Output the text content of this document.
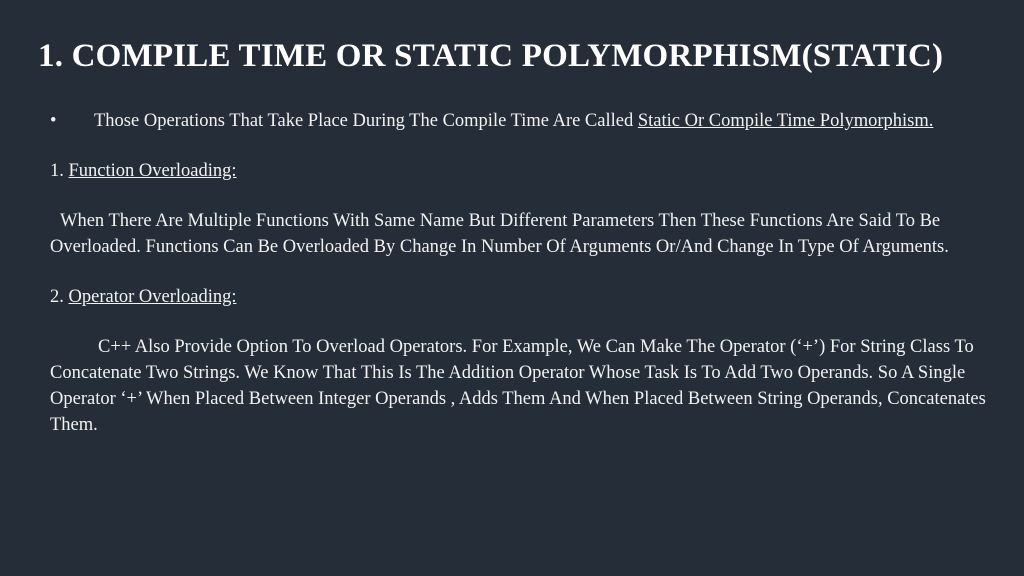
1. COMPILE TIME OR STATIC POLYMORPHISM(STATIC)
•	Those Operations That Take Place During The Compile Time Are Called Static Or Compile Time Polymorphism.
1. Function Overloading:
When There Are Multiple Functions With Same Name But Different Parameters Then These Functions Are Said To Be Overloaded. Functions Can Be Overloaded By Change In Number Of Arguments Or/And Change In Type Of Arguments.
2. Operator Overloading:
C++ Also Provide Option To Overload Operators. For Example, We Can Make The Operator (‘+’) For String Class To Concatenate Two Strings. We Know That This Is The Addition Operator Whose Task Is To Add Two Operands. So A Single Operator ‘+’ When Placed Between Integer Operands , Adds Them And When Placed Between String Operands, Concatenates Them.
